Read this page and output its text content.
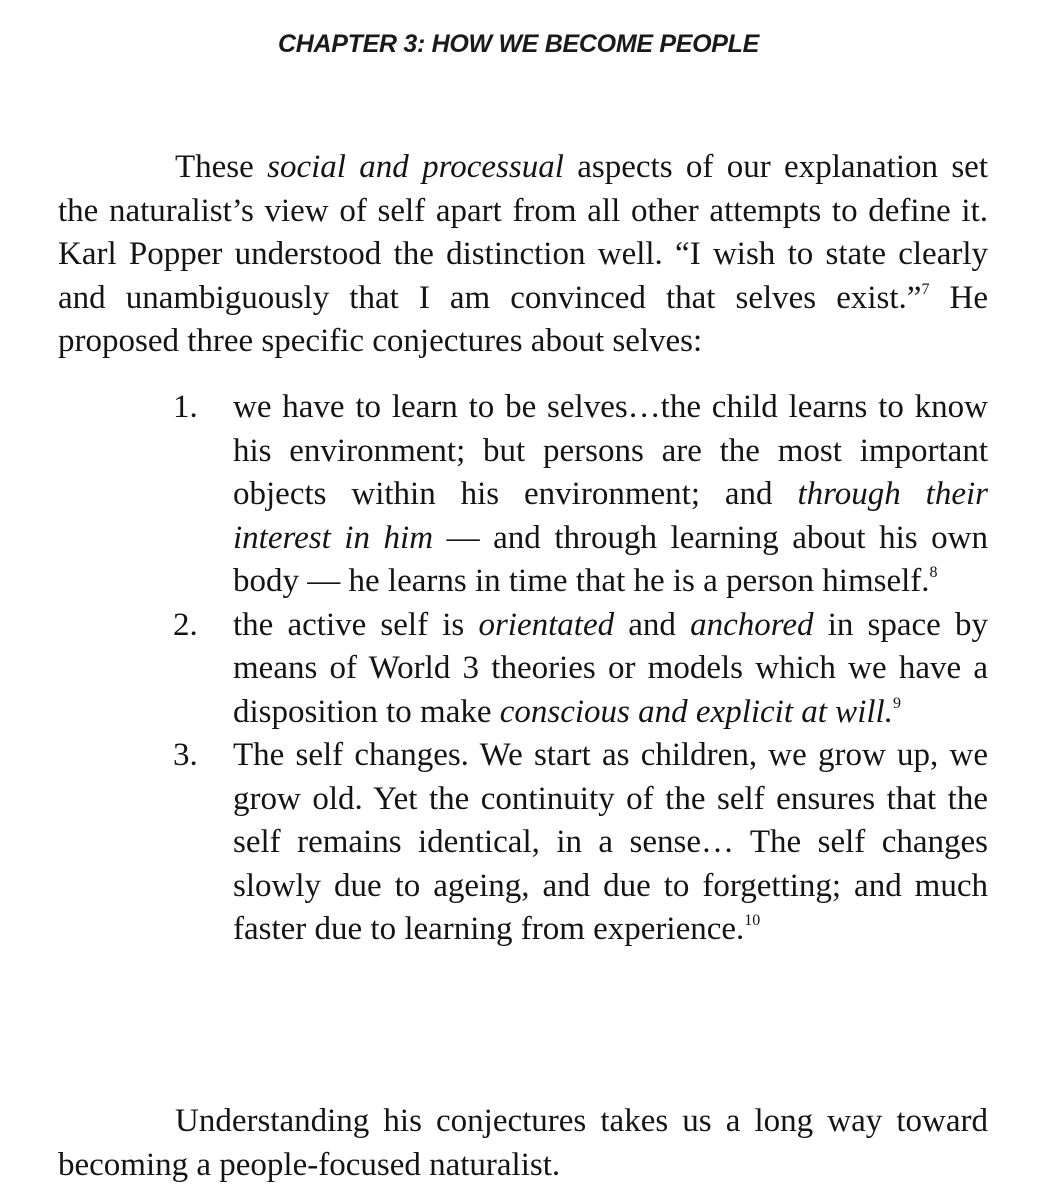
CHAPTER 3: HOW WE BECOME PEOPLE

These social and processual aspects of our explanation set the naturalist’s view of self apart from all other attempts to define it. Karl Popper understood the distinction well. “I wish to state clearly and unambiguously that I am convinced that selves exist.”$^7$ He proposed three specific conjectures about selves:

1. we have to learn to be selves…the child learns to know his environment; but persons are the most important objects within his environment; and through their interest in him — and through learning about his own body — he learns in time that he is a person himself.$^8$
2. the active self is orientated and anchored in space by means of World 3 theories or models which we have a disposition to make conscious and explicit at will.$^9$
3. The self changes. We start as children, we grow up, we grow old. Yet the continuity of the self ensures that the self remains identical, in a sense… The self changes slowly due to ageing, and due to forgetting; and much faster due to learning from experience.$^{10}$

Understanding his conjectures takes us a long way toward becoming a people-focused naturalist.
